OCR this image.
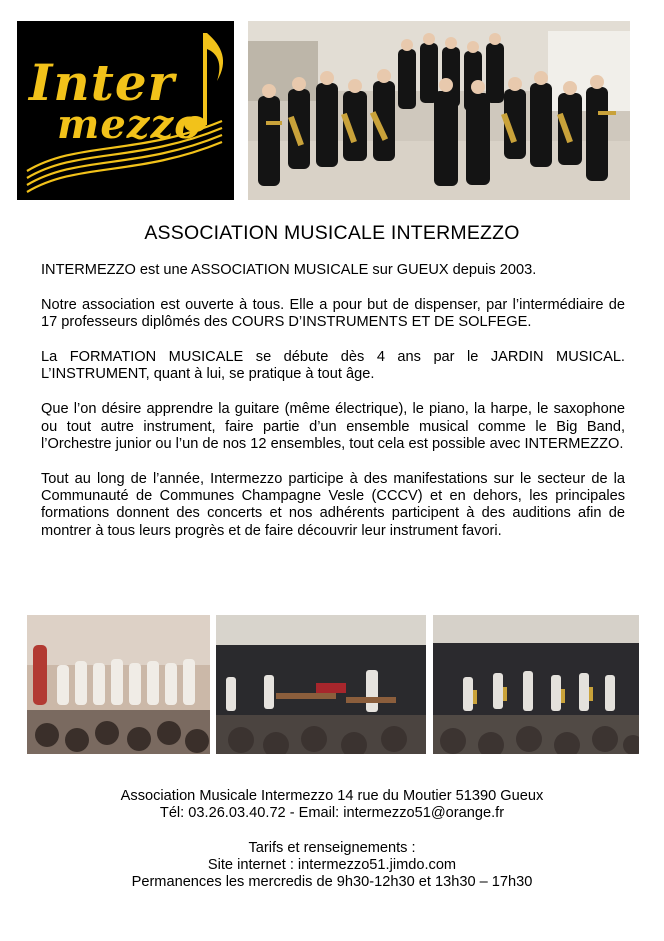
Inter
mezzo
ASSOCIATION MUSICALE INTERMEZZO

INTERMEZZO est une ASSOCIATION MUSICALE sur GUEUX depuis 2003.

Notre association est ouverte à tous. Elle a pour but de dispenser, par l’intermédiaire de 17 professeurs diplômés des COURS D’INSTRUMENTS ET DE SOLFEGE.

La FORMATION MUSICALE se débute dès 4 ans par le JARDIN MUSICAL. L’INSTRUMENT, quant à lui, se pratique à tout âge.

Que l’on désire apprendre la guitare (même électrique), le piano, la harpe, le saxophone ou tout autre instrument, faire partie d’un ensemble musical comme le Big Band, l’Orchestre junior ou l’un de nos 12 ensembles, tout cela est possible avec INTERMEZZO.

Tout au long de l’année, Intermezzo participe à des manifestations sur le secteur de la Communauté de Communes Champagne Vesle (CCCV) et en dehors, les principales formations donnent des concerts et nos adhérents participent à des auditions afin de montrer à tous leurs progrès et de faire découvrir leur instrument favori.

Association Musicale Intermezzo 14 rue du Moutier 51390 Gueux
Tél: 03.26.03.40.72 - Email: intermezzo51@orange.fr
Tarifs et renseignements :
Site internet : intermezzo51.jimdo.com
Permanences les mercredis de 9h30-12h30 et 13h30 – 17h30
